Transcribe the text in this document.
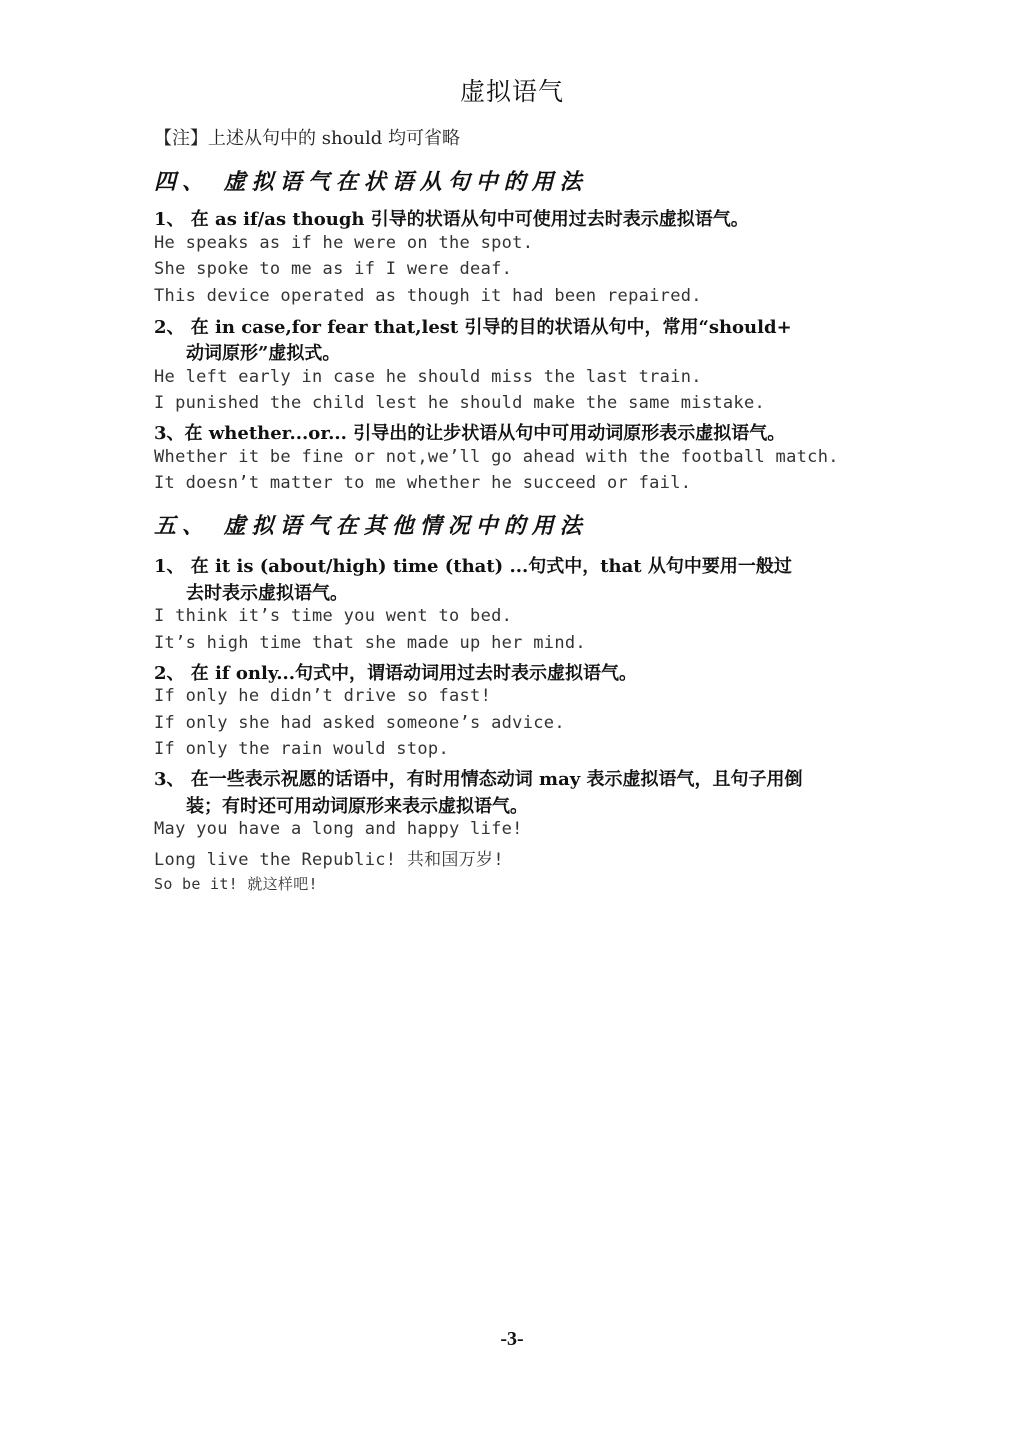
虚拟语气
【注】上述从句中的 should 均可省略
四、 虚拟语气在状语从句中的用法
1、 在 as if/as though 引导的状语从句中可使用过去时表示虚拟语气。
He speaks as if he were on the spot.
She spoke to me as if I were deaf.
This device operated as though it had been repaired.
2、 在 in case,for fear that,lest 引导的目的状语从句中，常用“should+
动词原形”虚拟式。
He left early in case he should miss the last train.
I punished the child lest he should make the same mistake.
3、在 whether...or... 引导出的让步状语从句中可用动词原形表示虚拟语气。
Whether it be fine or not,we’ll go ahead with the football match.
It doesn’t matter to me whether he succeed or fail.
五、 虚拟语气在其他情况中的用法
1、 在 it is (about/high) time (that) ...句式中，that 从句中要用一般过
去时表示虚拟语气。
I think it’s time you went to bed.
It’s high time that she made up her mind.
2、 在 if only...句式中，谓语动词用过去时表示虚拟语气。
If only he didn’t drive so fast!
If only she had asked someone’s advice.
If only the rain would stop.
3、 在一些表示祝愿的话语中，有时用情态动词 may 表示虚拟语气，且句子用倒
装；有时还可用动词原形来表示虚拟语气。
May you have a long and happy life!
Long live the Republic! 共和国万岁!
So be it! 就这样吧!
-3-
